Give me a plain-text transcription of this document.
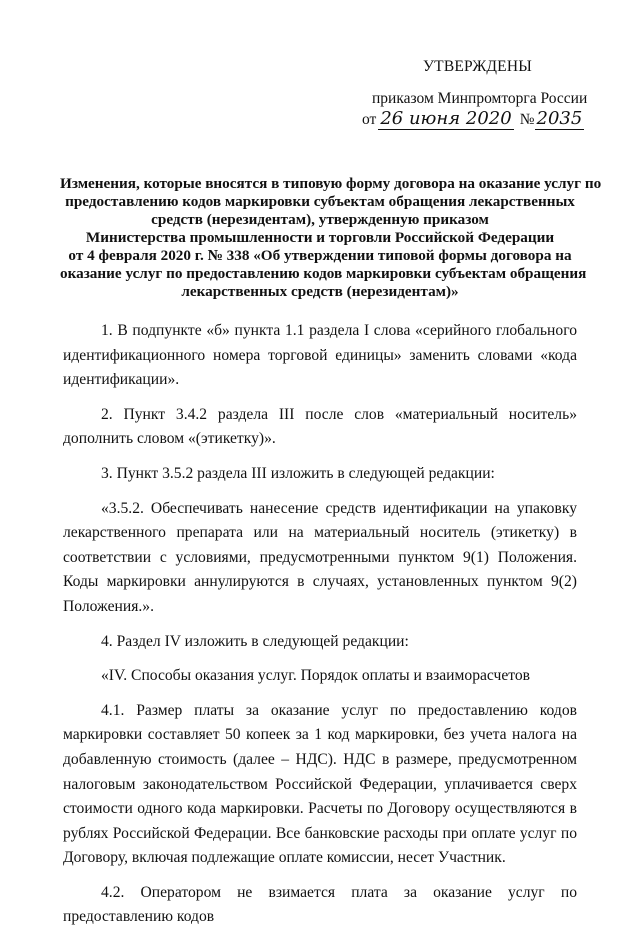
УТВЕРЖДЕНЫ
приказом Минпромторга России
от 26 июня 2020 № 2035
Изменения, которые вносятся в типовую форму договора на оказание услуг по
предоставлению кодов маркировки субъектам обращения лекарственных
средств (нерезидентам), утвержденную приказом
Министерства промышленности и торговли Российской Федерации
от 4 февраля 2020 г. № 338 «Об утверждении типовой формы договора на
оказание услуг по предоставлению кодов маркировки субъектам обращения
лекарственных средств (нерезидентам)»

1. В подпункте «б» пункта 1.1 раздела I слова «серийного глобального идентификационного номера торговой единицы» заменить словами «кода идентификации».

2. Пункт 3.4.2 раздела III после слов «материальный носитель» дополнить словом «(этикетку)».

3. Пункт 3.5.2 раздела III изложить в следующей редакции:

«3.5.2. Обеспечивать нанесение средств идентификации на упаковку лекарственного препарата или на материальный носитель (этикетку) в соответствии с условиями, предусмотренными пунктом 9(1) Положения. Коды маркировки аннулируются в случаях, установленных пунктом 9(2) Положения.».

4. Раздел IV изложить в следующей редакции:

«IV. Способы оказания услуг. Порядок оплаты и взаиморасчетов

4.1. Размер платы за оказание услуг по предоставлению кодов маркировки составляет 50 копеек за 1 код маркировки, без учета налога на добавленную стоимость (далее – НДС). НДС в размере, предусмотренном налоговым законодательством Российской Федерации, уплачивается сверх стоимости одного кода маркировки. Расчеты по Договору осуществляются в рублях Российской Федерации. Все банковские расходы при оплате услуг по Договору, включая подлежащие оплате комиссии, несет Участник.

4.2. Оператором не взимается плата за оказание услуг по предоставлению кодов
